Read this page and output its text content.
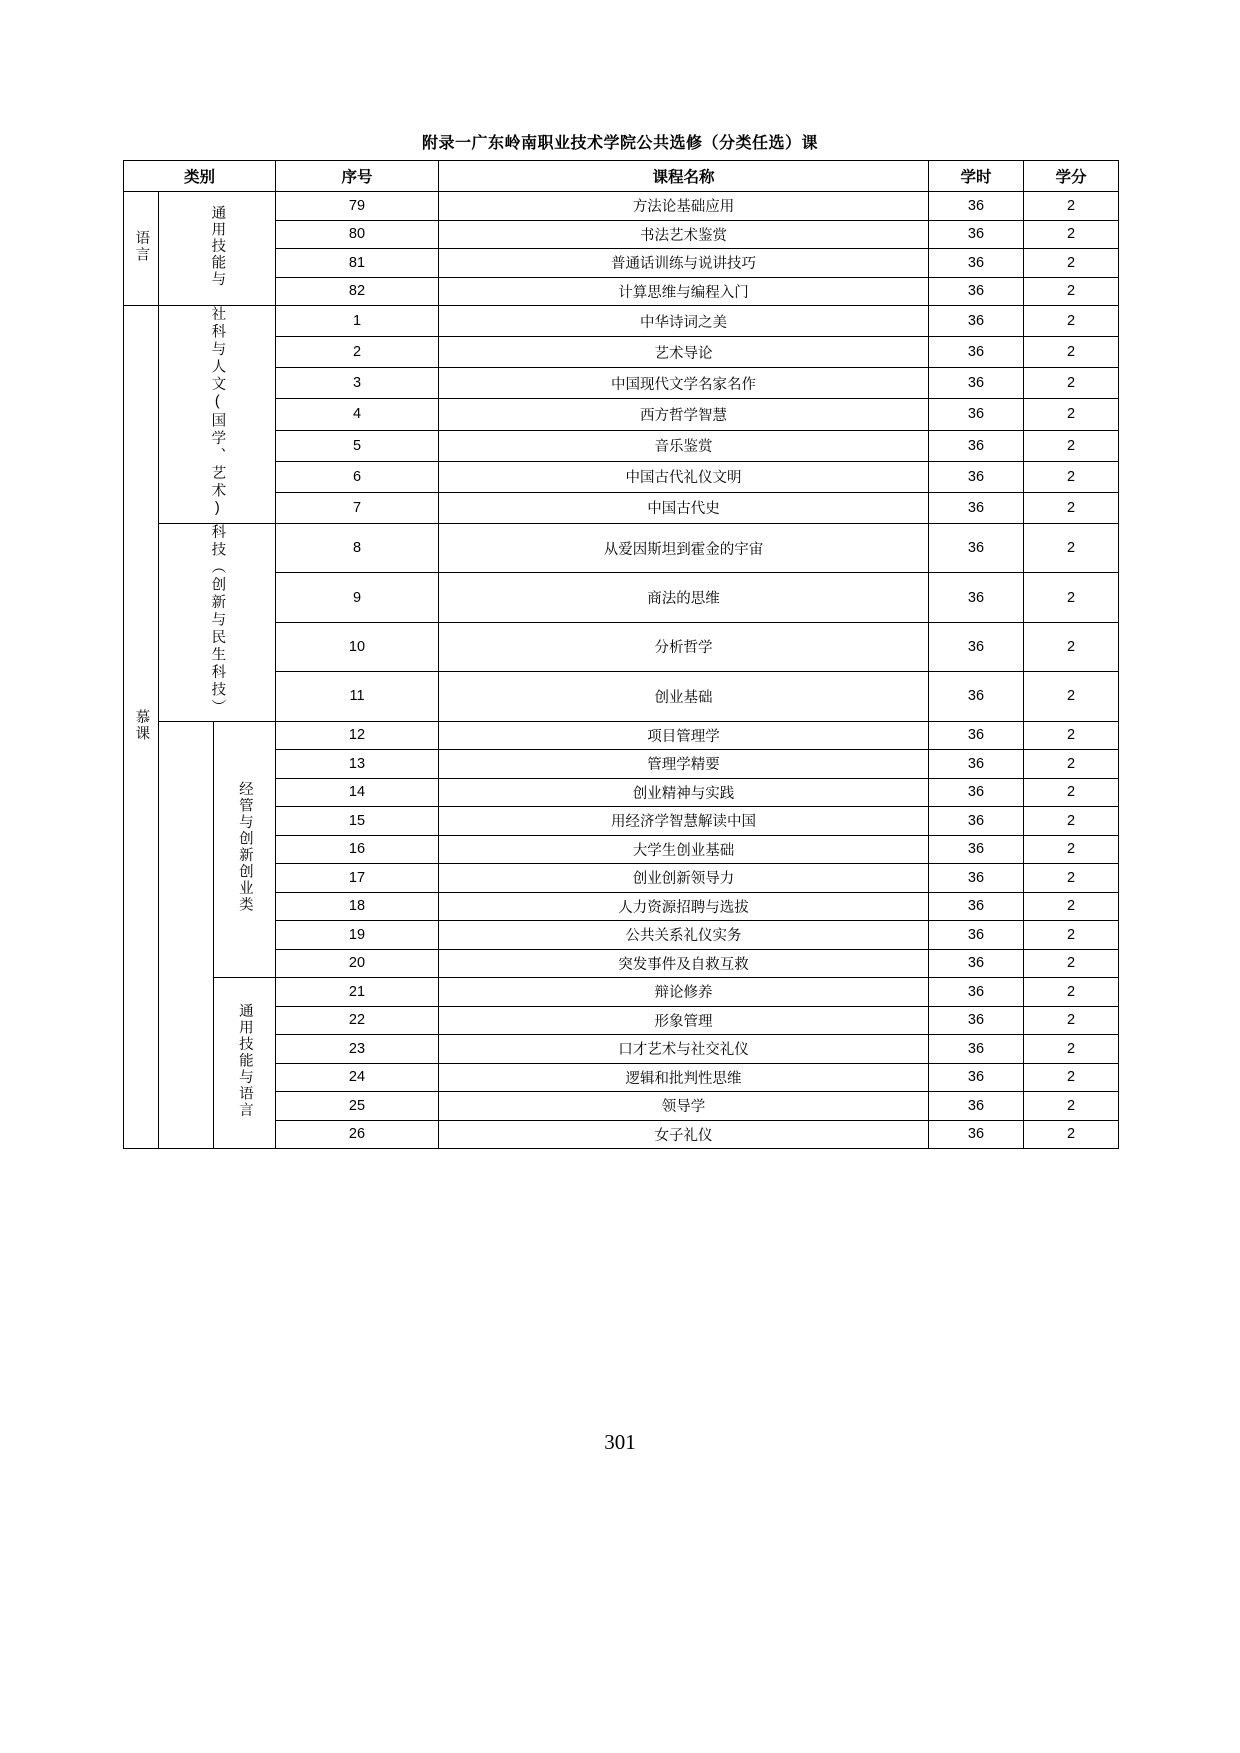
附录一广东岭南职业技术学院公共选修（分类任选）课
类别			序号	课程名称	学时	学分
语言	通用技能与		79	方法论基础应用	36	2
			80	书法艺术鉴赏	36	2
			81	普通话训练与说讲技巧	36	2
			82	计算思维与编程入门	36	2
慕课	社科与人文(国学、艺术)		1	中华诗词之美	36	2
			2	艺术导论	36	2
			3	中国现代文学名家名作	36	2
			4	西方哲学智慧	36	2
			5	音乐鉴赏	36	2
			6	中国古代礼仪文明	36	2
			7	中国古代史	36	2
	科技（创新与民生科技）		8	从爱因斯坦到霍金的宇宙	36	2
			9	商法的思维	36	2
			10	分析哲学	36	2
			11	创业基础	36	2
		经管与创新创业类	12	项目管理学	36	2
			13	管理学精要	36	2
			14	创业精神与实践	36	2
			15	用经济学智慧解读中国	36	2
			16	大学生创业基础	36	2
			17	创业创新领导力	36	2
			18	人力资源招聘与选拔	36	2
			19	公共关系礼仪实务	36	2
			20	突发事件及自救互救	36	2
		通用技能与语言	21	辩论修养	36	2
			22	形象管理	36	2
			23	口才艺术与社交礼仪	36	2
			24	逻辑和批判性思维	36	2
			25	领导学	36	2
			26	女子礼仪	36	2
301
